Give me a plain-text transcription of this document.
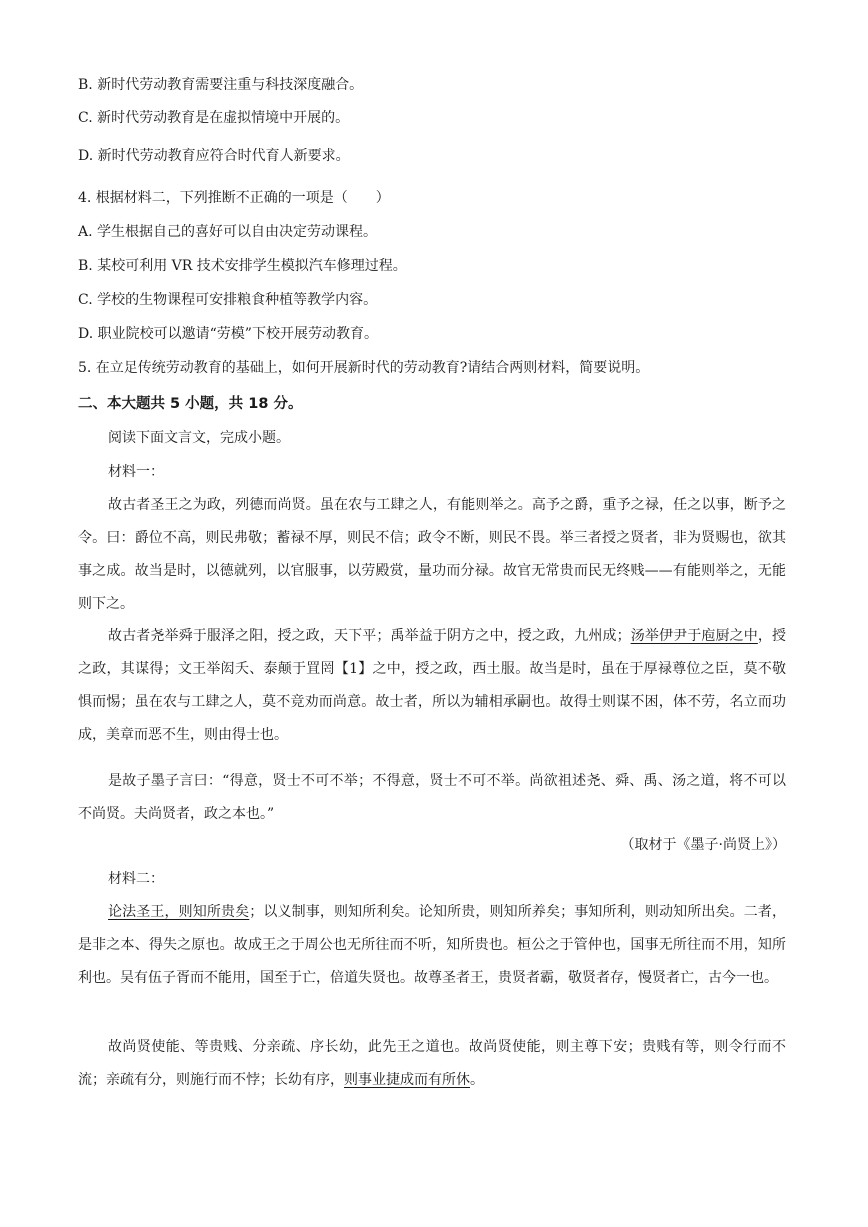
B. 新时代劳动教育需要注重与科技深度融合。
C. 新时代劳动教育是在虚拟情境中开展的。
D. 新时代劳动教育应符合时代育人新要求。
4. 根据材料二，下列推断不正确的一项是（　　）
A. 学生根据自己的喜好可以自由决定劳动课程。
B. 某校可利用 VR 技术安排学生模拟汽车修理过程。
C. 学校的生物课程可安排粮食种植等教学内容。
D. 职业院校可以邀请“劳模”下校开展劳动教育。
5. 在立足传统劳动教育的基础上，如何开展新时代的劳动教育?请结合两则材料，简要说明。
二、本大题共 5 小题，共 18 分。
阅读下面文言文，完成小题。
材料一：
故古者圣王之为政，列德而尚贤。虽在农与工肆之人，有能则举之。高予之爵，重予之禄，任之以事，断予之令。曰：爵位不高，则民弗敬；蓄禄不厚，则民不信；政令不断，则民不畏。举三者授之贤者，非为贤赐也，欲其事之成。故当是时，以德就列，以官服事，以劳殿赏，量功而分禄。故官无常贵而民无终贱——有能则举之，无能则下之。
故古者尧举舜于服泽之阳，授之政，天下平；禹举益于阴方之中，授之政，九州成；汤举伊尹于庖厨之中，授之政，其谋得；文王举闳夭、泰颠于罝罔【1】之中，授之政，西土服。故当是时，虽在于厚禄尊位之臣，莫不敬惧而惕；虽在农与工肆之人，莫不竞劝而尚意。故士者，所以为辅相承嗣也。故得士则谋不困，体不劳，名立而功成，美章而恶不生，则由得士也。
是故子墨子言曰：“得意，贤士不可不举；不得意，贤士不可不举。尚欲祖述尧、舜、禹、汤之道，将不可以不尚贤。夫尚贤者，政之本也。”
（取材于《墨子·尚贤上》）
材料二：
论法圣王，则知所贵矣；以义制事，则知所利矣。论知所贵，则知所养矣；事知所利，则动知所出矣。二者，是非之本、得失之原也。故成王之于周公也无所往而不听，知所贵也。桓公之于管仲也，国事无所往而不用，知所利也。吴有伍子胥而不能用，国至于亡，倍道失贤也。故尊圣者王，贵贤者霸，敬贤者存，慢贤者亡，古今一也。
故尚贤使能、等贵贱、分亲疏、序长幼，此先王之道也。故尚贤使能，则主尊下安；贵贱有等，则令行而不流；亲疏有分，则施行而不悖；长幼有序，则事业捷成而有所休。
